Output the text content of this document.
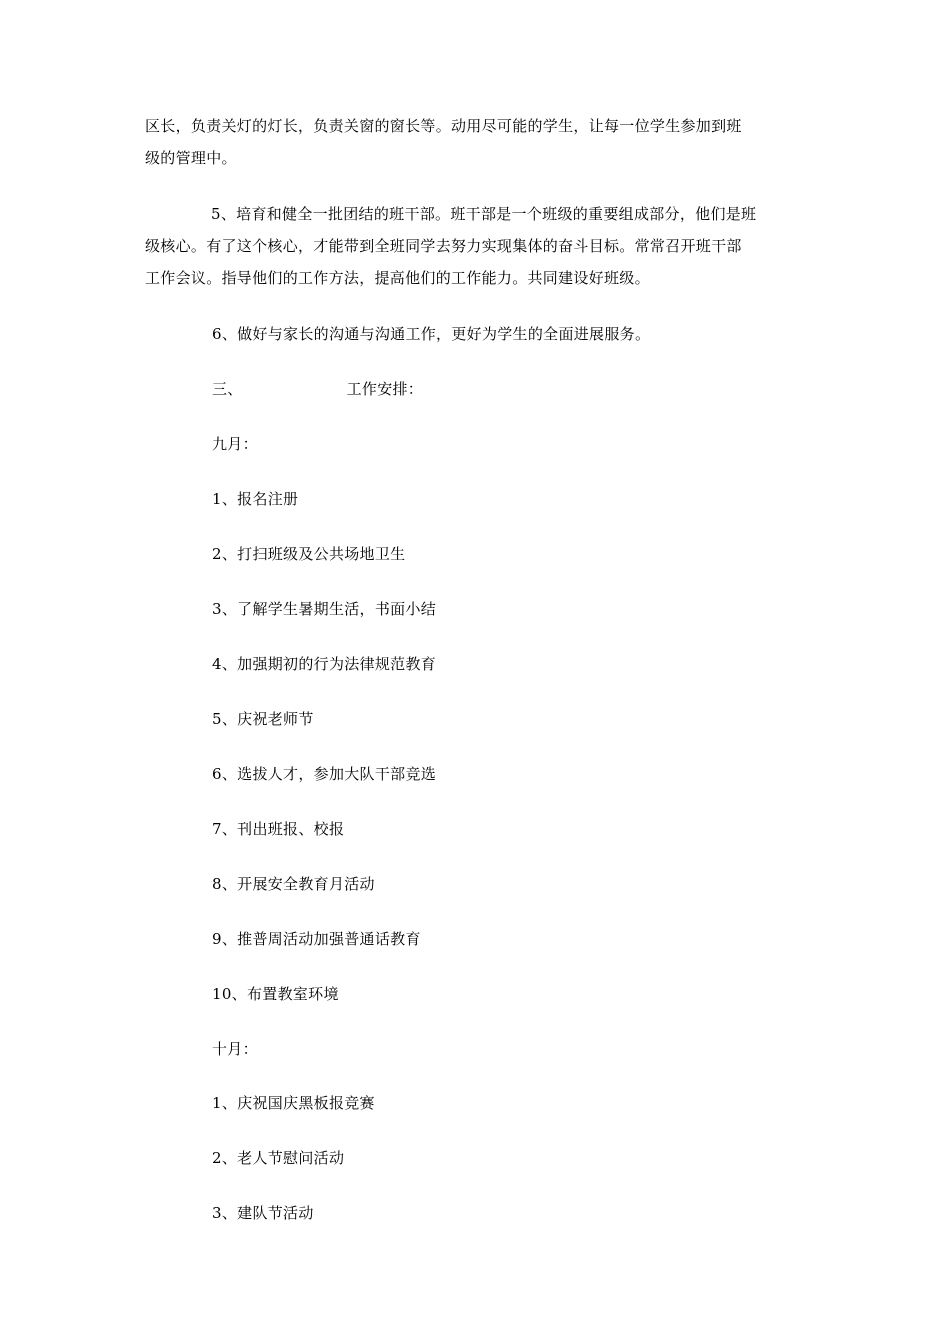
区长，负责关灯的灯长，负责关窗的窗长等。动用尽可能的学生，让每一位学生参加到班
级的管理中。

5、培育和健全一批团结的班干部。班干部是一个班级的重要组成部分，他们是班
级核心。有了这个核心，才能带到全班同学去努力实现集体的奋斗目标。常常召开班干部
工作会议。指导他们的工作方法，提高他们的工作能力。共同建设好班级。

6、做好与家长的沟通与沟通工作，更好为学生的全面进展服务。

三、	工作安排：

九月：

1、报名注册

2、打扫班级及公共场地卫生

3、了解学生暑期生活，书面小结

4、加强期初的行为法律规范教育

5、庆祝老师节

6、选拔人才，参加大队干部竞选

7、刊出班报、校报

8、开展安全教育月活动

9、推普周活动加强普通话教育

10、布置教室环境

十月：

1、庆祝国庆黑板报竞赛

2、老人节慰问活动

3、建队节活动
